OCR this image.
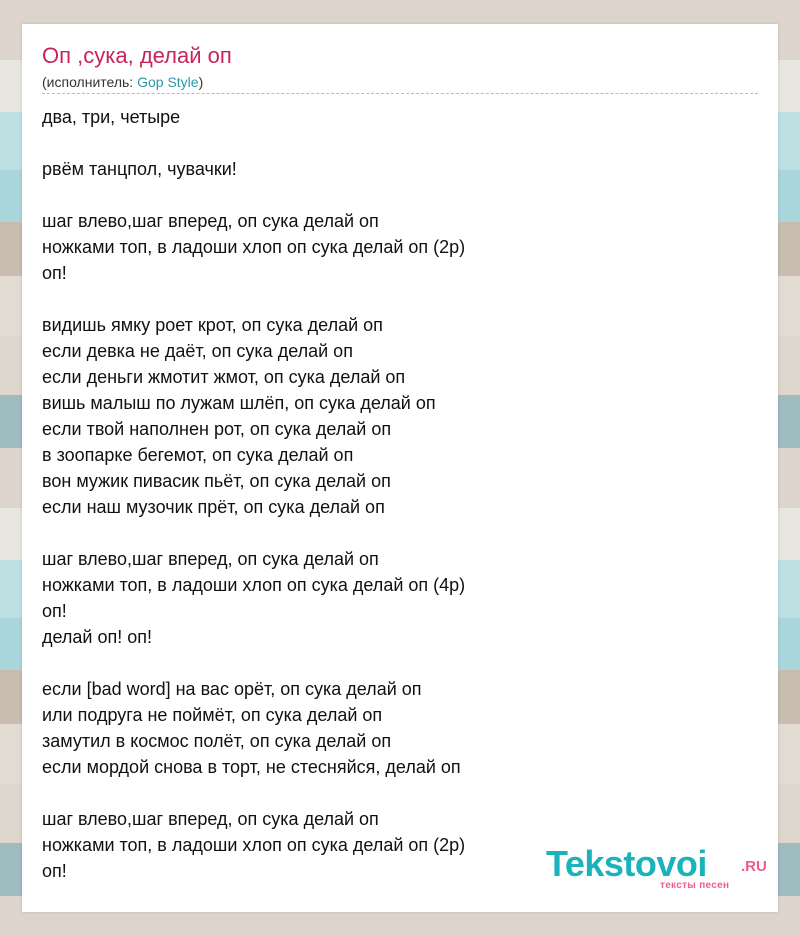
Оп ,сука, делай оп
(исполнитель: Gop Style)
два, три, четыре
рвём танцпол, чувачки!
шаг влево,шаг вперед, оп сука делай оп
ножками топ, в ладоши хлоп оп сука делай оп (2р)
оп!
видишь ямку роет крот, оп сука делай оп
если девка не даёт, оп сука делай оп
если деньги жмотит жмот, оп сука делай оп
вишь малыш по лужам шлёп, оп сука делай оп
если твой наполнен рот, оп сука делай оп
в зоопарке бегемот, оп сука делай оп
вон мужик пивасик пьёт, оп сука делай оп
если наш музочик прёт, оп сука делай оп
шаг влево,шаг вперед, оп сука делай оп
ножками топ, в ладоши хлоп оп сука делай оп (4р)
оп!
делай оп! оп!
если [bad word] на вас орёт, оп сука делай оп
или подруга не поймёт, оп сука делай оп
замутил в космос полёт, оп сука делай оп
если мордой снова в торт, не стесняйся, делай оп
шаг влево,шаг вперед, оп сука делай оп
ножками топ, в ладоши хлоп оп сука делай оп (2р)
оп!	Tekstovoi .RU
тексты песен
